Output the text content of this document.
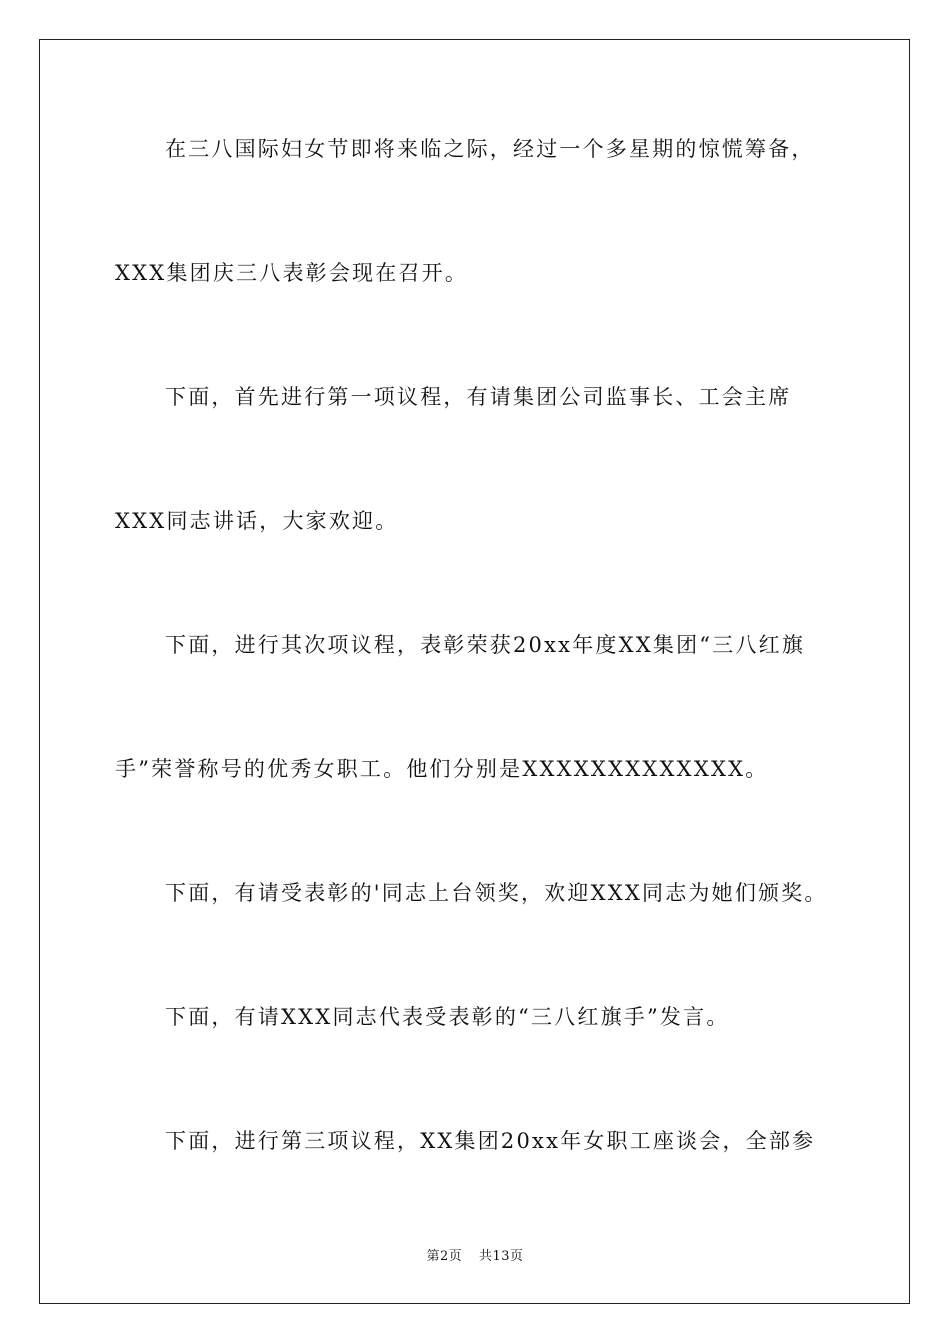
在三八国际妇女节即将来临之际，经过一个多星期的惊慌筹备，

XXX集团庆三八表彰会现在召开。

下面，首先进行第一项议程，有请集团公司监事长、工会主席

XXX同志讲话，大家欢迎。

下面，进行其次项议程，表彰荣获20xx年度XX集团“三八红旗

手”荣誉称号的优秀女职工。他们分别是XXXXXXXXXXXXX。

下面，有请受表彰的'同志上台领奖，欢迎XXX同志为她们颁奖。

下面，有请XXX同志代表受表彰的“三八红旗手”发言。

下面，进行第三项议程，XX集团20xx年女职工座谈会，全部参

第2页 共13页
